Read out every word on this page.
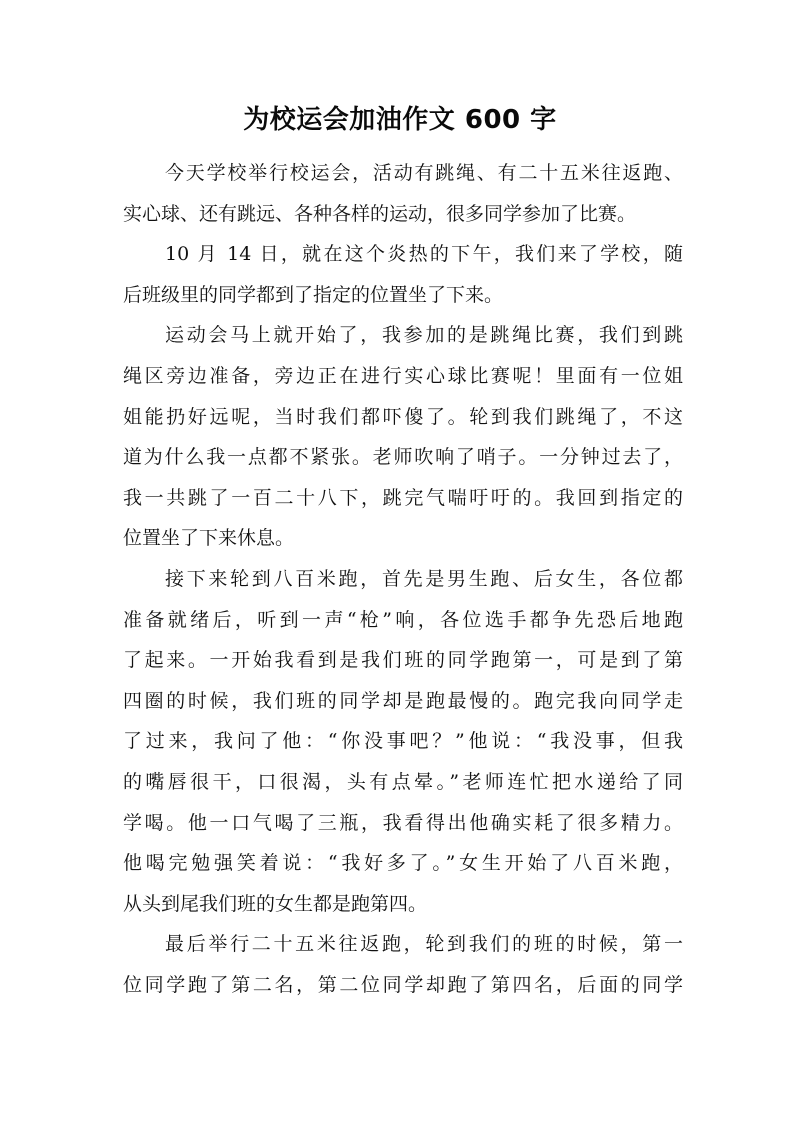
为校运会加油作文 600 字
今天学校举行校运会，活动有跳绳、有二十五米往返跑、
实心球、还有跳远、各种各样的运动，很多同学参加了比赛。
10 月 14 日，就在这个炎热的下午，我们来了学校，随
后班级里的同学都到了指定的位置坐了下来。
运动会马上就开始了，我参加的是跳绳比赛，我们到跳
绳区旁边准备，旁边正在进行实心球比赛呢！里面有一位姐
姐能扔好远呢，当时我们都吓傻了。轮到我们跳绳了，不这
道为什么我一点都不紧张。老师吹响了哨子。一分钟过去了，
我一共跳了一百二十八下，跳完气喘吁吁的。我回到指定的
位置坐了下来休息。
接下来轮到八百米跑，首先是男生跑、后女生，各位都
准备就绪后，听到一声“枪”响，各位选手都争先恐后地跑
了起来。一开始我看到是我们班的同学跑第一，可是到了第
四圈的时候，我们班的同学却是跑最慢的。跑完我向同学走
了过来，我问了他：“你没事吧？”他说：“我没事，但我
的嘴唇很干，口很渴，头有点晕。”老师连忙把水递给了同
学喝。他一口气喝了三瓶，我看得出他确实耗了很多精力。
他喝完勉强笑着说：“我好多了。”女生开始了八百米跑，
从头到尾我们班的女生都是跑第四。
最后举行二十五米往返跑，轮到我们的班的时候，第一
位同学跑了第二名，第二位同学却跑了第四名，后面的同学
